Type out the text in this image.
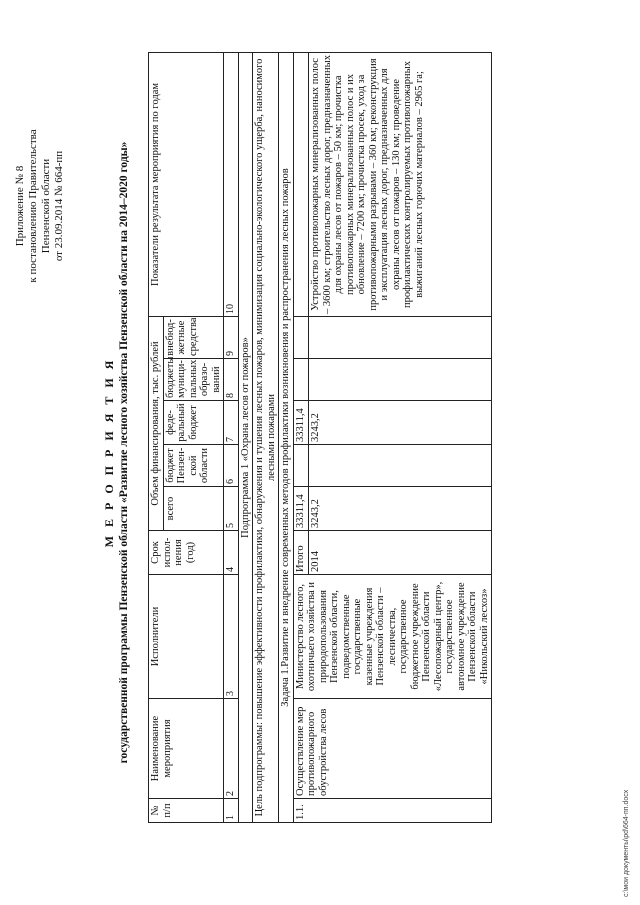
Приложение № 8 к постановлению Правительства Пензенской области от 23.09.2014 № 664-пп
М Е Р О П Р И Я Т И Я государственной программы Пензенской области «Развитие лесного хозяйства Пензенской области на 2014–2020 годы»
№ п/п	Наименование мероприятия	Исполнители	Срок испол-нения (год)	Объем финансирования, тыс. рублей					Показатели результата мероприятия по годам
				всего	бюджет Пензен-ской области	феде-ральный бюджет	бюджеты муници-пальных образо-ваний	внебюд-жетные средства	
1	2	3	4	5	6	7	8	9	10
Подпрограмма 1 «Охрана лесов от пожаров»									
Цель подпрограммы: повышение эффективности профилактики, обнаружения и тушения лесных пожаров, минимизация социально-экологического ущерба, наносимого лесными пожарами									
Задача 1.Развитие и внедрение современных методов профилактики возникновения и распространения лесных пожаров									
1.1.	Осуществление мер противопожарного обустройства лесов	Министерство лесного, охотничьего хозяйства и природопользования Пензенской области, подведомственные государственные казенные учреждения Пензенской области – лесничества, государственное бюджетное учреждение Пензенской области «Лесопожарный центр», государственное автономное учреждение Пензенской области «Никольский лесхоз»	Итого	33311,4		33311,4			
			2014	3243,2		3243,2			Устройство противопожарных минерализованных полос – 3600 км; строительство лесных дорог, предназначенных для охраны лесов от пожаров – 50 км; прочистка противопожарных минерализованных полос и их обновление – 7200 км; прочистка просек, уход за противопожарными разрывами – 360 км; реконструкция и эксплуатация лесных дорог, предназначенных для охраны лесов от пожаров – 130 км; проведение профилактических контролируемых противопожарных выжиганий лесных горючих материалов – 2965 га;
c:\мои документы\pd\664-пп.docx
